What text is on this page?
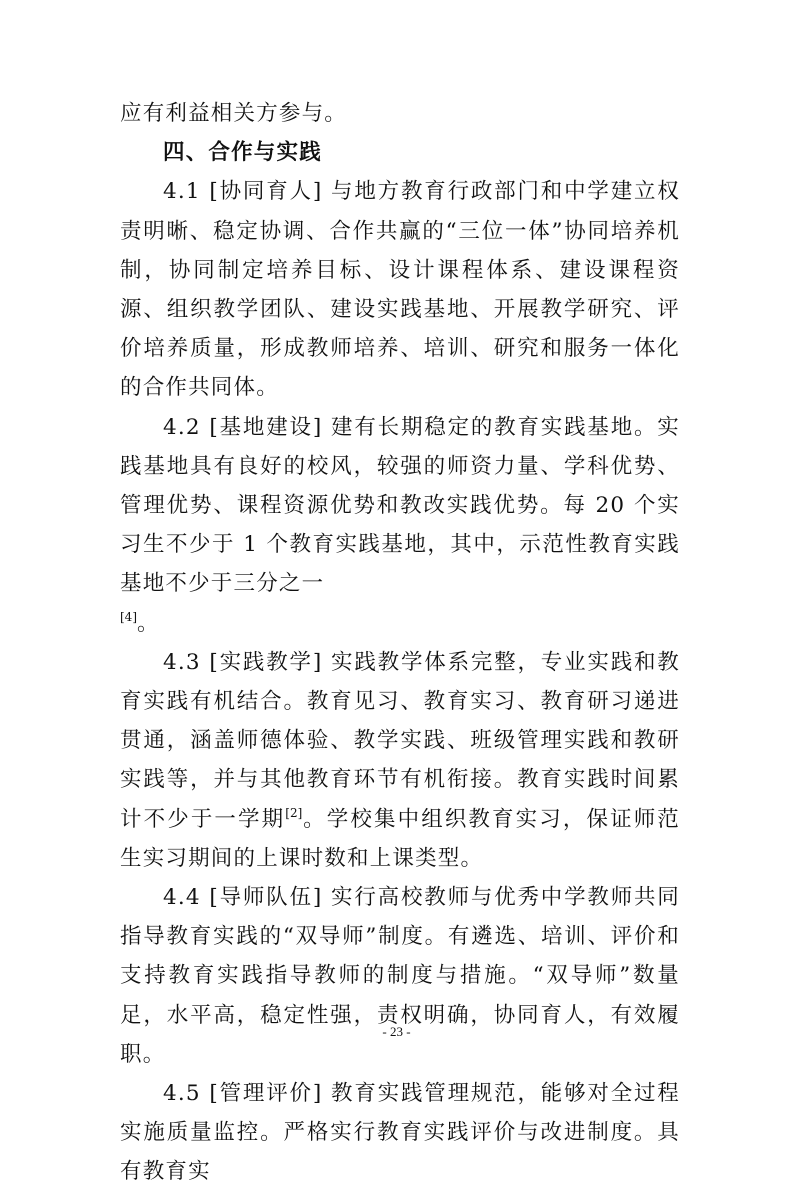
应有利益相关方参与。

四、合作与实践

4.1 [协同育人] 与地方教育行政部门和中学建立权责明晰、稳定协调、合作共赢的“三位一体”协同培养机制，协同制定培养目标、设计课程体系、建设课程资源、组织教学团队、建设实践基地、开展教学研究、评价培养质量，形成教师培养、培训、研究和服务一体化的合作共同体。

4.2 [基地建设] 建有长期稳定的教育实践基地。实践基地具有良好的校风，较强的师资力量、学科优势、管理优势、课程资源优势和教改实践优势。每 20 个实习生不少于 1 个教育实践基地，其中，示范性教育实践基地不少于三分之一
[4]。

4.3 [实践教学] 实践教学体系完整，专业实践和教育实践有机结合。教育见习、教育实习、教育研习递进贯通，涵盖师德体验、教学实践、班级管理实践和教研实践等，并与其他教育环节有机衔接。教育实践时间累计不少于一学期[2]。学校集中组织教育实习，保证师范生实习期间的上课时数和上课类型。

4.4 [导师队伍] 实行高校教师与优秀中学教师共同指导教育实践的“双导师”制度。有遴选、培训、评价和支持教育实践指导教师的制度与措施。“双导师”数量足，水平高，稳定性强，责权明确，协同育人，有效履职。

4.5 [管理评价] 教育实践管理规范，能够对全过程实施质量监控。严格实行教育实践评价与改进制度。具有教育实

- 23 -
